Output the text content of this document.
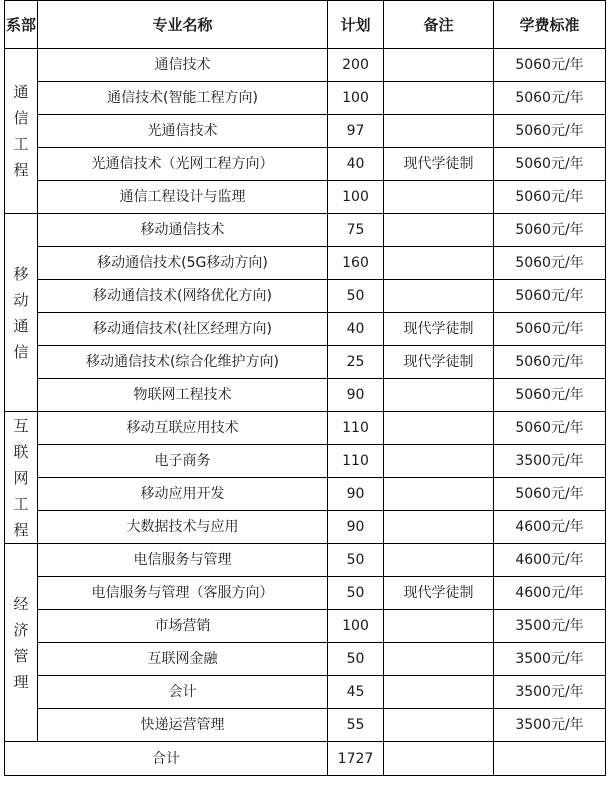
系部	专业名称	计划	备注	学费标准
通信工程	通信技术	200		5060元/年
	通信技术(智能工程方向)	100		5060元/年
	光通信技术	97		5060元/年
	光通信技术（光网工程方向）	40	现代学徒制	5060元/年
	通信工程设计与监理	100		5060元/年
移动通信	移动通信技术	75		5060元/年
	移动通信技术(5G移动方向)	160		5060元/年
	移动通信技术(网络优化方向)	50		5060元/年
	移动通信技术(社区经理方向)	40	现代学徒制	5060元/年
	移动通信技术(综合化维护方向)	25	现代学徒制	5060元/年
	物联网工程技术	90		5060元/年
互联网工程	移动互联应用技术	110		5060元/年
	电子商务	110		3500元/年
	移动应用开发	90		5060元/年
	大数据技术与应用	90		4600元/年
经济管理	电信服务与管理	50		4600元/年
	电信服务与管理（客服方向）	50	现代学徒制	4600元/年
	市场营销	100		3500元/年
	互联网金融	50		3500元/年
	会计	45		3500元/年
	快递运营管理	55		3500元/年
合计		1727		
